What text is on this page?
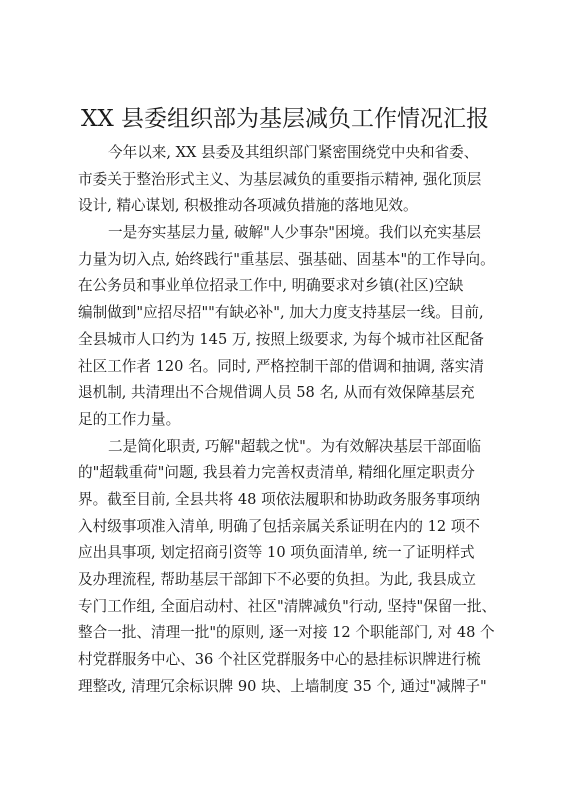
XX 县委组织部为基层减负工作情况汇报
今年以来, XX 县委及其组织部门紧密围绕党中央和省委、
市委关于整治形式主义、为基层减负的重要指示精神, 强化顶层
设计, 精心谋划, 积极推动各项减负措施的落地见效。
一是夯实基层力量, 破解"人少事杂"困境。我们以充实基层
力量为切入点, 始终践行"重基层、强基础、固基本"的工作导向。
在公务员和事业单位招录工作中, 明确要求对乡镇(社区)空缺
编制做到"应招尽招""有缺必补", 加大力度支持基层一线。目前,
全县城市人口约为 145 万, 按照上级要求, 为每个城市社区配备
社区工作者 120 名。同时, 严格控制干部的借调和抽调, 落实清
退机制, 共清理出不合规借调人员 58 名, 从而有效保障基层充
足的工作力量。
二是简化职责, 巧解"超载之忧"。为有效解决基层干部面临
的"超载重荷"问题, 我县着力完善权责清单, 精细化厘定职责分
界。截至目前, 全县共将 48 项依法履职和协助政务服务事项纳
入村级事项准入清单, 明确了包括亲属关系证明在内的 12 项不
应出具事项, 划定招商引资等 10 项负面清单, 统一了证明样式
及办理流程, 帮助基层干部卸下不必要的负担。为此, 我县成立
专门工作组, 全面启动村、社区"清牌减负"行动, 坚持"保留一批、
整合一批、清理一批"的原则, 逐一对接 12 个职能部门, 对 48 个
村党群服务中心、36 个社区党群服务中心的悬挂标识牌进行梳
理整改, 清理冗余标识牌 90 块、上墙制度 35 个, 通过"减牌子"
